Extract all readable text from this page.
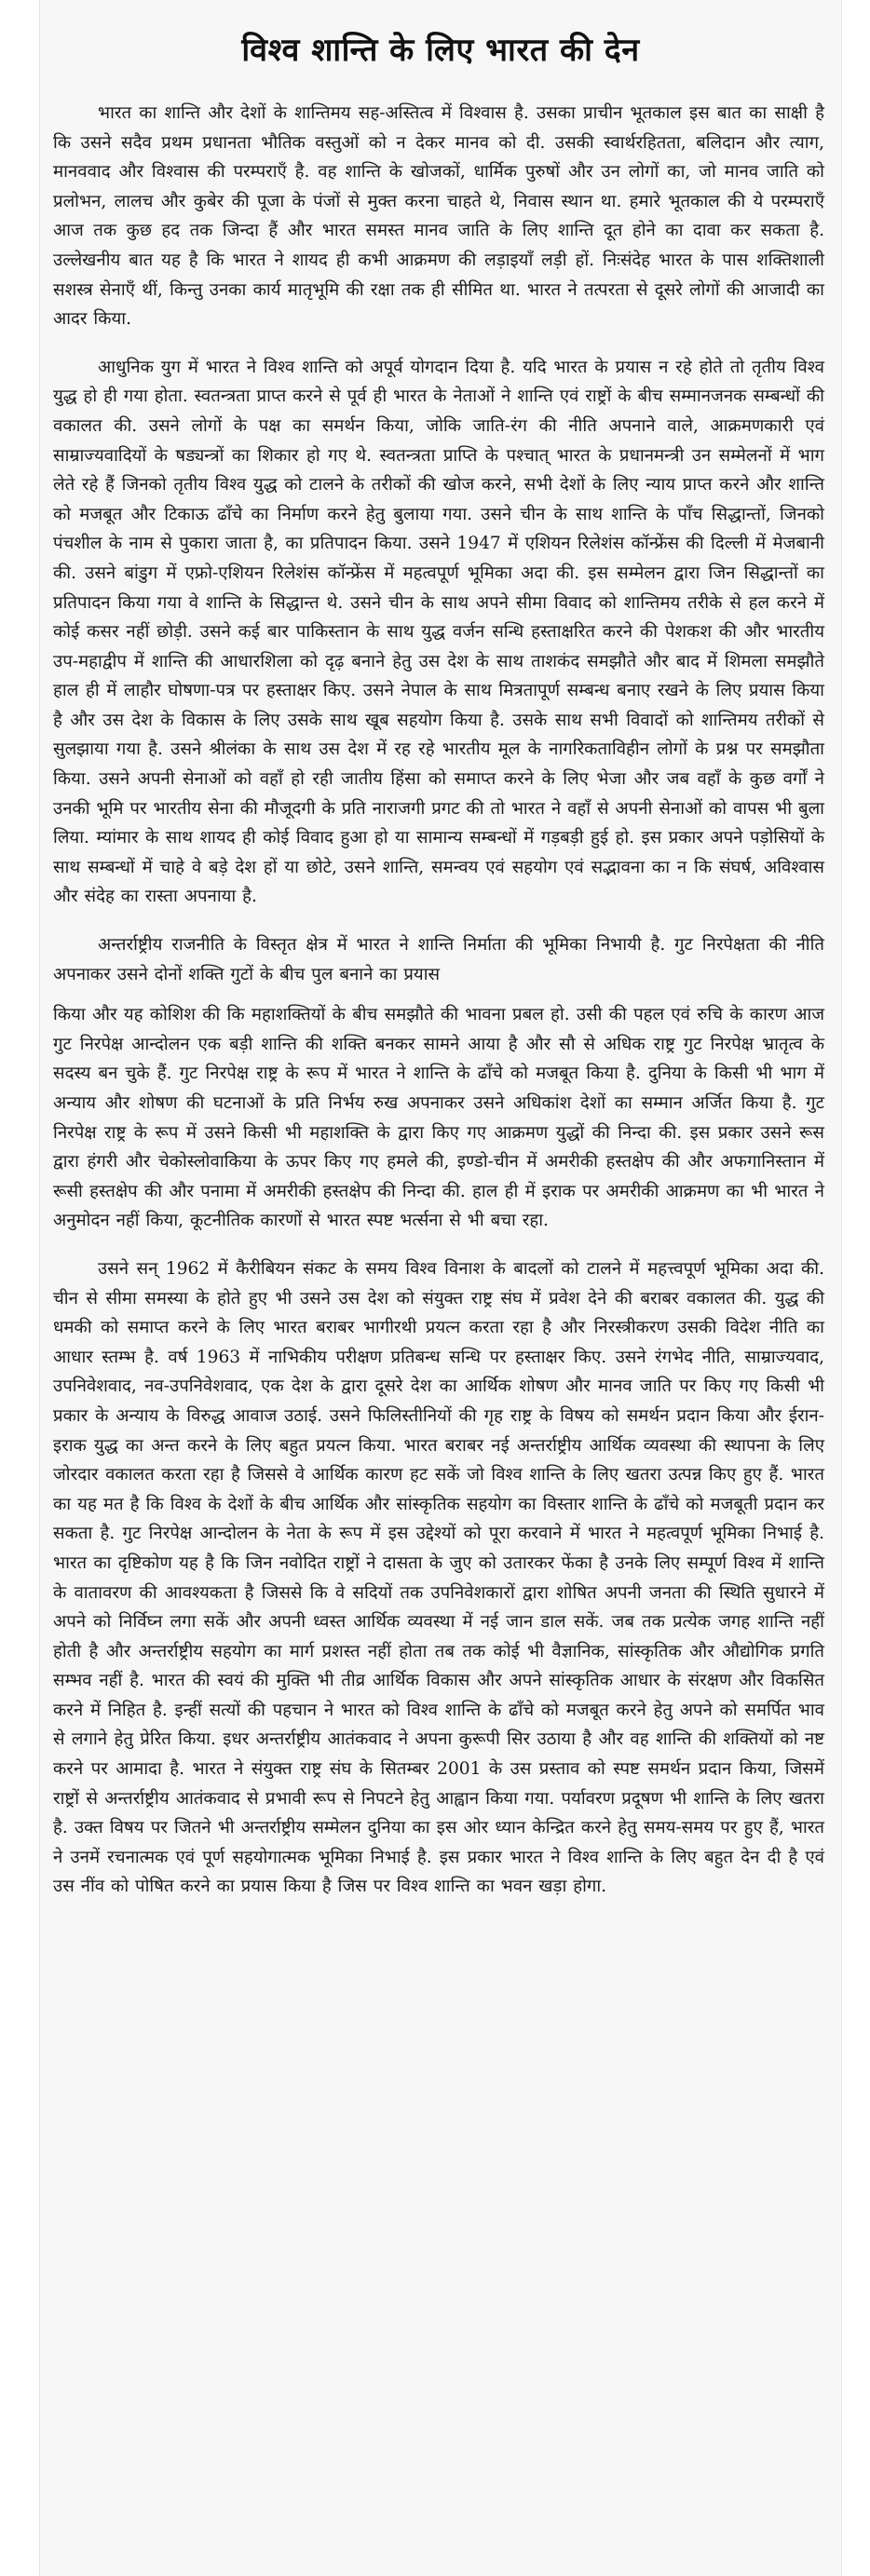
विश्व शान्ति के लिए भारत की देन

भारत का शान्ति और देशों के शान्तिमय सह-अस्तित्व में विश्वास है. उसका प्राचीन भूतकाल इस बात का साक्षी है कि उसने सदैव प्रथम प्रधानता भौतिक वस्तुओं को न देकर मानव को दी. उसकी स्वार्थरहितता, बलिदान और त्याग, मानववाद और विश्वास की परम्पराएँ है. वह शान्ति के खोजकों, धार्मिक पुरुषों और उन लोगों का, जो मानव जाति को प्रलोभन, लालच और कुबेर की पूजा के पंजों से मुक्त करना चाहते थे, निवास स्थान था. हमारे भूतकाल की ये परम्पराएँ आज तक कुछ हद तक जिन्दा हैं और भारत समस्त मानव जाति के लिए शान्ति दूत होने का दावा कर सकता है. उल्लेखनीय बात यह है कि भारत ने शायद ही कभी आक्रमण की लड़ाइयाँ लड़ी हों. निःसंदेह भारत के पास शक्तिशाली सशस्त्र सेनाएँ थीं, किन्तु उनका कार्य मातृभूमि की रक्षा तक ही सीमित था. भारत ने तत्परता से दूसरे लोगों की आजादी का आदर किया.

आधुनिक युग में भारत ने विश्व शान्ति को अपूर्व योगदान दिया है. यदि भारत के प्रयास न रहे होते तो तृतीय विश्व युद्ध हो ही गया होता. स्वतन्त्रता प्राप्त करने से पूर्व ही भारत के नेताओं ने शान्ति एवं राष्ट्रों के बीच सम्मानजनक सम्बन्धों की वकालत की. उसने लोगों के पक्ष का समर्थन किया, जोकि जाति-रंग की नीति अपनाने वाले, आक्रमणकारी एवं साम्राज्यवादियों के षड्यन्त्रों का शिकार हो गए थे. स्वतन्त्रता प्राप्ति के पश्चात् भारत के प्रधानमन्त्री उन सम्मेलनों में भाग लेते रहे हैं जिनको तृतीय विश्व युद्ध को टालने के तरीकों की खोज करने, सभी देशों के लिए न्याय प्राप्त करने और शान्ति को मजबूत और टिकाऊ ढाँचे का निर्माण करने हेतु बुलाया गया. उसने चीन के साथ शान्ति के पाँच सिद्धान्तों, जिनको पंचशील के नाम से पुकारा जाता है, का प्रतिपादन किया. उसने 1947 में एशियन रिलेशंस कॉन्फ्रेंस की दिल्ली में मेजबानी की. उसने बांडुग में एफ्रो-एशियन रिलेशंस कॉन्फ्रेंस में महत्वपूर्ण भूमिका अदा की. इस सम्मेलन द्वारा जिन सिद्धान्तों का प्रतिपादन किया गया वे शान्ति के सिद्धान्त थे. उसने चीन के साथ अपने सीमा विवाद को शान्तिमय तरीके से हल करने में कोई कसर नहीं छोड़ी. उसने कई बार पाकिस्तान के साथ युद्ध वर्जन सन्धि हस्ताक्षरित करने की पेशकश की और भारतीय उप-महाद्वीप में शान्ति की आधारशिला को दृढ़ बनाने हेतु उस देश के साथ ताशकंद समझौते और बाद में शिमला समझौते हाल ही में लाहौर घोषणा-पत्र पर हस्ताक्षर किए. उसने नेपाल के साथ मित्रतापूर्ण सम्बन्ध बनाए रखने के लिए प्रयास किया है और उस देश के विकास के लिए उसके साथ खूब सहयोग किया है. उसके साथ सभी विवादों को शान्तिमय तरीकों से सुलझाया गया है. उसने श्रीलंका के साथ उस देश में रह रहे भारतीय मूल के नागरिकताविहीन लोगों के प्रश्न पर समझौता किया. उसने अपनी सेनाओं को वहाँ हो रही जातीय हिंसा को समाप्त करने के लिए भेजा और जब वहाँ के कुछ वर्गों ने उनकी भूमि पर भारतीय सेना की मौजूदगी के प्रति नाराजगी प्रगट की तो भारत ने वहाँ से अपनी सेनाओं को वापस भी बुला लिया. म्यांमार के साथ शायद ही कोई विवाद हुआ हो या सामान्य सम्बन्धों में गड़बड़ी हुई हो. इस प्रकार अपने पड़ोसियों के साथ सम्बन्धों में चाहे वे बड़े देश हों या छोटे, उसने शान्ति, समन्वय एवं सहयोग एवं सद्भावना का न कि संघर्ष, अविश्वास और संदेह का रास्ता अपनाया है.

अन्तर्राष्ट्रीय राजनीति के विस्तृत क्षेत्र में भारत ने शान्ति निर्माता की भूमिका निभायी है. गुट निरपेक्षता की नीति अपनाकर उसने दोनों शक्ति गुटों के बीच पुल बनाने का प्रयास

किया और यह कोशिश की कि महाशक्तियों के बीच समझौते की भावना प्रबल हो. उसी की पहल एवं रुचि के कारण आज गुट निरपेक्ष आन्दोलन एक बड़ी शान्ति की शक्ति बनकर सामने आया है और सौ से अधिक राष्ट्र गुट निरपेक्ष भ्रातृत्व के सदस्य बन चुके हैं. गुट निरपेक्ष राष्ट्र के रूप में भारत ने शान्ति के ढाँचे को मजबूत किया है. दुनिया के किसी भी भाग में अन्याय और शोषण की घटनाओं के प्रति निर्भय रुख अपनाकर उसने अधिकांश देशों का सम्मान अर्जित किया है. गुट निरपेक्ष राष्ट्र के रूप में उसने किसी भी महाशक्ति के द्वारा किए गए आक्रमण युद्धों की निन्दा की. इस प्रकार उसने रूस द्वारा हंगरी और चेकोस्लोवाकिया के ऊपर किए गए हमले की, इण्डो-चीन में अमरीकी हस्तक्षेप की और अफगानिस्तान में रूसी हस्तक्षेप की और पनामा में अमरीकी हस्तक्षेप की निन्दा की. हाल ही में इराक पर अमरीकी आक्रमण का भी भारत ने अनुमोदन नहीं किया, कूटनीतिक कारणों से भारत स्पष्ट भर्त्सना से भी बचा रहा.

उसने सन् 1962 में कैरीबियन संकट के समय विश्व विनाश के बादलों को टालने में महत्त्वपूर्ण भूमिका अदा की. चीन से सीमा समस्या के होते हुए भी उसने उस देश को संयुक्त राष्ट्र संघ में प्रवेश देने की बराबर वकालत की. युद्ध की धमकी को समाप्त करने के लिए भारत बराबर भागीरथी प्रयत्न करता रहा है और निरस्त्रीकरण उसकी विदेश नीति का आधार स्तम्भ है. वर्ष 1963 में नाभिकीय परीक्षण प्रतिबन्ध सन्धि पर हस्ताक्षर किए. उसने रंगभेद नीति, साम्राज्यवाद, उपनिवेशवाद, नव-उपनिवेशवाद, एक देश के द्वारा दूसरे देश का आर्थिक शोषण और मानव जाति पर किए गए किसी भी प्रकार के अन्याय के विरुद्ध आवाज उठाई. उसने फिलिस्तीनियों की गृह राष्ट्र के विषय को समर्थन प्रदान किया और ईरान-इराक युद्ध का अन्त करने के लिए बहुत प्रयत्न किया. भारत बराबर नई अन्तर्राष्ट्रीय आर्थिक व्यवस्था की स्थापना के लिए जोरदार वकालत करता रहा है जिससे वे आर्थिक कारण हट सकें जो विश्व शान्ति के लिए खतरा उत्पन्न किए हुए हैं. भारत का यह मत है कि विश्व के देशों के बीच आर्थिक और सांस्कृतिक सहयोग का विस्तार शान्ति के ढाँचे को मजबूती प्रदान कर सकता है. गुट निरपेक्ष आन्दोलन के नेता के रूप में इस उद्देश्यों को पूरा करवाने में भारत ने महत्वपूर्ण भूमिका निभाई है. भारत का दृष्टिकोण यह है कि जिन नवोदित राष्ट्रों ने दासता के जुए को उतारकर फेंका है उनके लिए सम्पूर्ण विश्व में शान्ति के वातावरण की आवश्यकता है जिससे कि वे सदियों तक उपनिवेशकारों द्वारा शोषित अपनी जनता की स्थिति सुधारने में अपने को निर्विघ्न लगा सकें और अपनी ध्वस्त आर्थिक व्यवस्था में नई जान डाल सकें. जब तक प्रत्येक जगह शान्ति नहीं होती है और अन्तर्राष्ट्रीय सहयोग का मार्ग प्रशस्त नहीं होता तब तक कोई भी वैज्ञानिक, सांस्कृतिक और औद्योगिक प्रगति सम्भव नहीं है. भारत की स्वयं की मुक्ति भी तीव्र आर्थिक विकास और अपने सांस्कृतिक आधार के संरक्षण और विकसित करने में निहित है. इन्हीं सत्यों की पहचान ने भारत को विश्व शान्ति के ढाँचे को मजबूत करने हेतु अपने को समर्पित भाव से लगाने हेतु प्रेरित किया. इधर अन्तर्राष्ट्रीय आतंकवाद ने अपना कुरूपी सिर उठाया है और वह शान्ति की शक्तियों को नष्ट करने पर आमादा है. भारत ने संयुक्त राष्ट्र संघ के सितम्बर 2001 के उस प्रस्ताव को स्पष्ट समर्थन प्रदान किया, जिसमें राष्ट्रों से अन्तर्राष्ट्रीय आतंकवाद से प्रभावी रूप से निपटने हेतु आह्वान किया गया. पर्यावरण प्रदूषण भी शान्ति के लिए खतरा है. उक्त विषय पर जितने भी अन्तर्राष्ट्रीय सम्मेलन दुनिया का इस ओर ध्यान केन्द्रित करने हेतु समय-समय पर हुए हैं, भारत ने उनमें रचनात्मक एवं पूर्ण सहयोगात्मक भूमिका निभाई है. इस प्रकार भारत ने विश्व शान्ति के लिए बहुत देन दी है एवं उस नींव को पोषित करने का प्रयास किया है जिस पर विश्व शान्ति का भवन खड़ा होगा.
